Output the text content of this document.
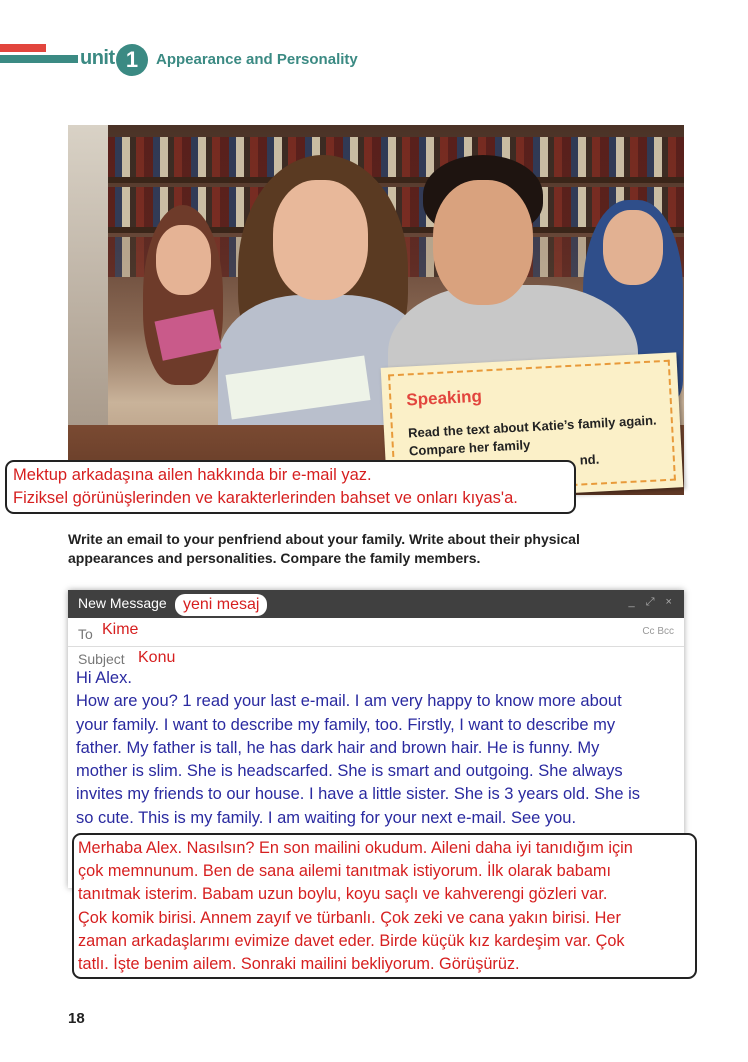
unit 1	Appearance and Personality
Speaking
Read the text about Katie’s family again. Compare her family
nd.
Mektup arkadaşına ailen hakkında bir e-mail yaz.
Fiziksel görünüşlerinden ve karakterlerinden bahset ve onları kıyas'a.
Write an email to your penfriend about your family. Write about their physical appearances and personalities. Compare the family members.
New Message	yeni mesaj	_ ⤢ ×
To Kime	Cc Bcc
Subject Konu
Hi Alex.
How are you? 1 read your last e-mail. I am very happy to know more about
your family. I want to describe my family, too. Firstly, I want to describe my
father. My father is tall, he has dark hair and brown hair. He is funny. My
mother is slim. She is headscarfed. She is smart and outgoing. She always
invites my friends to our house. I have a little sister. She is 3 years old. She is
so cute. This is my family. I am waiting for your next e-mail. See you.
Merhaba Alex. Nasılsın? En son mailini okudum. Aileni daha iyi tanıdığım için
çok memnunum. Ben de sana ailemi tanıtmak istiyorum. İlk olarak babamı
tanıtmak isterim. Babam uzun boylu, koyu saçlı ve kahverengi gözleri var.
Çok komik birisi. Annem zayıf ve türbanlı. Çok zeki ve cana yakın birisi. Her
zaman arkadaşlarımı evimize davet eder. Birde küçük kız kardeşim var. Çok
tatlı. İşte benim ailem. Sonraki mailini bekliyorum. Görüşürüz.
18
